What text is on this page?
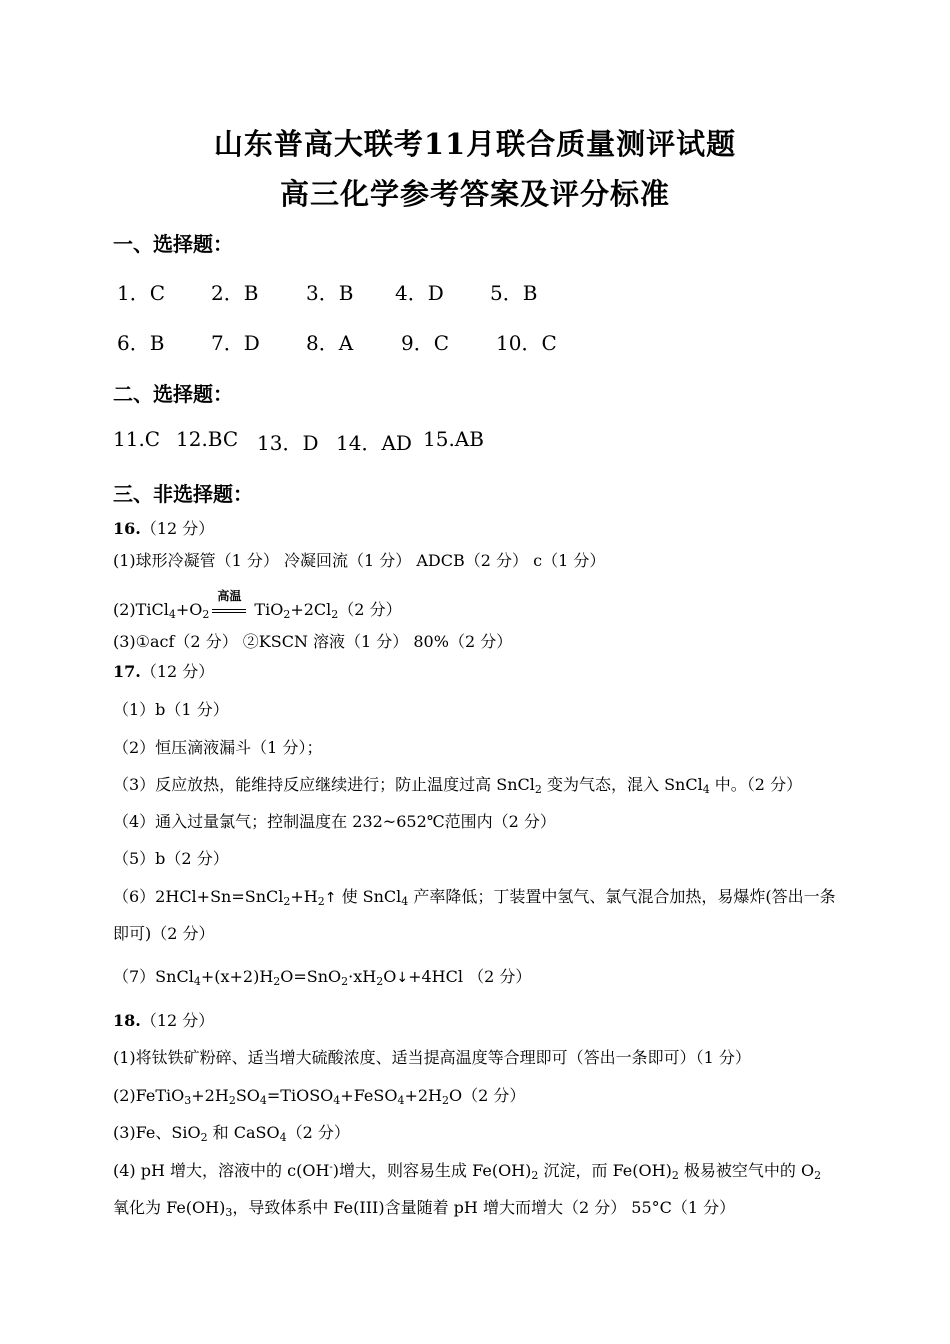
山东普高大联考11月联合质量测评试题
高三化学参考答案及评分标准
一、选择题：
1．C 2．B 3．B 4．D 5．B
6．B 7．D 8．A 9．C 10．C
二、选择题：
11.C 12.BC 13．D 14．AD 15.AB
三、非选择题：
16.（12 分）
(1)球形冷凝管（1 分） 冷凝回流（1 分） ADCB（2 分） c（1 分）
$(2)TiCl_4+O_2$
高温
$TiO_2+2Cl_2(2$ 分）
(3)①acf（2 分） ②KSCN 溶液（1 分） 80%（2 分）
17.（12 分）
（1）b（1 分）
（2）恒压滴液漏斗（1 分）；
（3）反应放热，能维持反应继续进行；防止温度过高 SnCl$_2$ 变为气态，混入 SnCl$_4$ 中。（2 分）
（4）通入过量氯气；控制温度在 232~652℃范围内（2 分）
（5）b（2 分）
$(6)2HCl+Sn=SnCl_2+H_2↑$ 使 SnCl$_4$ 产率降低；丁装置中氢气、氯气混合加热，易爆炸(答出一条
即可)（2 分）
$(7)SnCl_4+(x+2)H_2O=SnO_2\cdot xH_2O↓+4HCl$ （2 分）
18.（12 分）
(1)将钛铁矿粉碎、适当增大硫酸浓度、适当提高温度等合理即可（答出一条即可）（1 分）
$(2)FeTiO_3+2H_2SO_4=TiOSO_4+FeSO_4+2H_2O(2$ 分）
(3)Fe、SiO$_2$ 和 CaSO$_4$（2 分）
(4) pH 增大，溶液中的 c(OH-)增大，则容易生成 $Fe(OH)_2$ 沉淀，而 $Fe(OH)_2$ 极易被空气中的 $O_2$
氧化为 $Fe(OH)_3$，导致体系中 Fe(III)含量随着 pH 增大而增大（2 分） 55°C（1 分）
